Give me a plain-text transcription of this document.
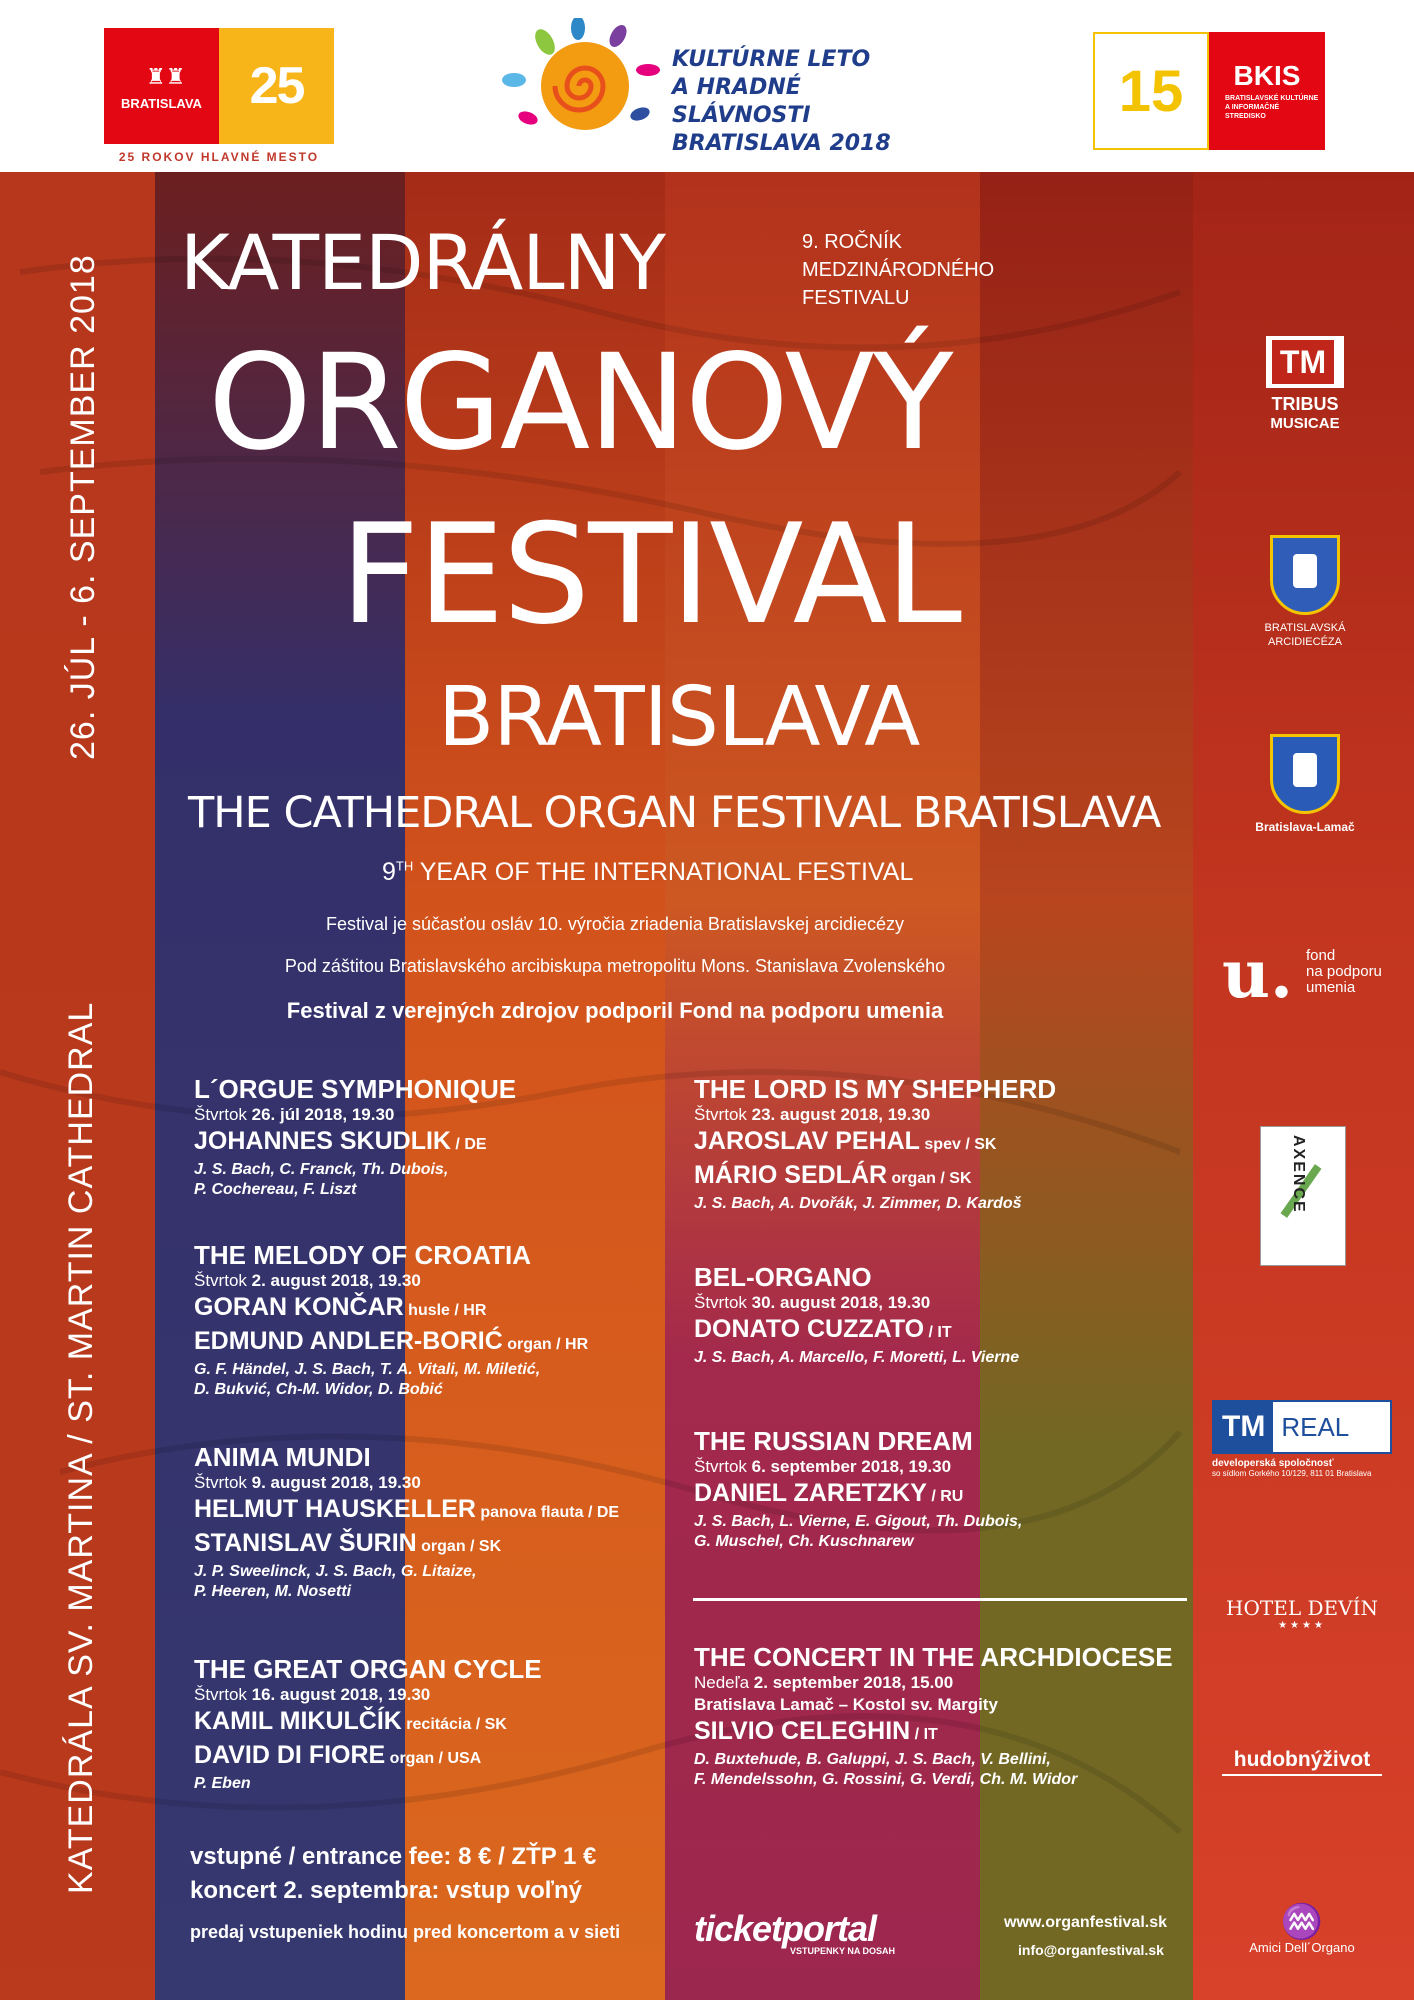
♜♜
BRATISLAVA 25
25 ROKOV HLAVNÉ MESTO
KULTÚRNE LETO
A HRADNÉ SLÁVNOSTI
BRATISLAVA 2018
15	BKIS
BRATISLAVSKÉ KULTÚRNE A INFORMAČNÉ STREDISKO
26. JÚL - 6. SEPTEMBER 2018
KATEDRÁLA SV. MARTINA / ST. MARTIN CATHEDRAL
KATEDRÁLNY	9. ROČNÍK
MEDZINÁRODNÉHO
FESTIVALU
ORGANOVÝ
FESTIVAL
BRATISLAVA
THE CATHEDRAL ORGAN FESTIVAL BRATISLAVA
9TH YEAR OF THE INTERNATIONAL FESTIVAL
Festival je súčasťou osláv 10. výročia zriadenia Bratislavskej arcidiecézy
Pod záštitou Bratislavského arcibiskupa metropolitu Mons. Stanislava Zvolenského
Festival z verejných zdrojov podporil Fond na podporu umenia
L´ORGUE SYMPHONIQUE
Štvrtok 26. júl 2018, 19.30
JOHANNES SKUDLIK / DE
J. S. Bach, C. Franck, Th. Dubois,
P. Cochereau, F. Liszt
THE MELODY OF CROATIA
Štvrtok 2. august 2018, 19.30
GORAN KONČAR husle / HR
EDMUND ANDLER-BORIĆ organ / HR
G. F. Händel, J. S. Bach, T. A. Vitali, M. Miletić,
D. Bukvić, Ch-M. Widor, D. Bobić
ANIMA MUNDI
Štvrtok 9. august 2018, 19.30
HELMUT HAUSKELLER panova flauta / DE
STANISLAV ŠURIN organ / SK
J. P. Sweelinck, J. S. Bach, G. Litaize,
P. Heeren, M. Nosetti
THE GREAT ORGAN CYCLE
Štvrtok 16. august 2018, 19.30
KAMIL MIKULČÍK recitácia / SK
DAVID DI FIORE organ / USA
P. Eben
THE LORD IS MY SHEPHERD
Štvrtok 23. august 2018, 19.30
JAROSLAV PEHAL spev / SK
MÁRIO SEDLÁR organ / SK
J. S. Bach, A. Dvořák, J. Zimmer, D. Kardoš
BEL-ORGANO
Štvrtok 30. august 2018, 19.30
DONATO CUZZATO / IT
J. S. Bach, A. Marcello, F. Moretti, L. Vierne
THE RUSSIAN DREAM
Štvrtok 6. september 2018, 19.30
DANIEL ZARETZKY / RU
J. S. Bach, L. Vierne, E. Gigout, Th. Dubois,
G. Muschel, Ch. Kuschnarew
THE CONCERT IN THE ARCHDIOCESE
Nedeľa 2. september 2018, 15.00
Bratislava Lamač – Kostol sv. Margity
SILVIO CELEGHIN / IT
D. Buxtehude, B. Galuppi, J. S. Bach, V. Bellini,
F. Mendelssohn, G. Rossini, G. Verdi, Ch. M. Widor
vstupné / entrance fee: 8 € / ZŤP 1 €
koncert 2. septembra: vstup voľný
predaj vstupeniek hodinu pred koncertom a v sieti ticketportal
VSTUPENKY NA DOSAH
www.organfestival.sk
info@organfestival.sk
TM
TRIBUS
MUSICAE
BRATISLAVSKÁ
ARCIDIECÉZA
Bratislava-Lamač
u. fond
na podporu
umenia
AXENCE
TM REAL
developerská spoločnosť
so sídlom Gorkého 10/129, 811 01 Bratislava
HOTEL DEVÍN
★★★★
hudobnýživot
♒
Amici Dell´Organo
